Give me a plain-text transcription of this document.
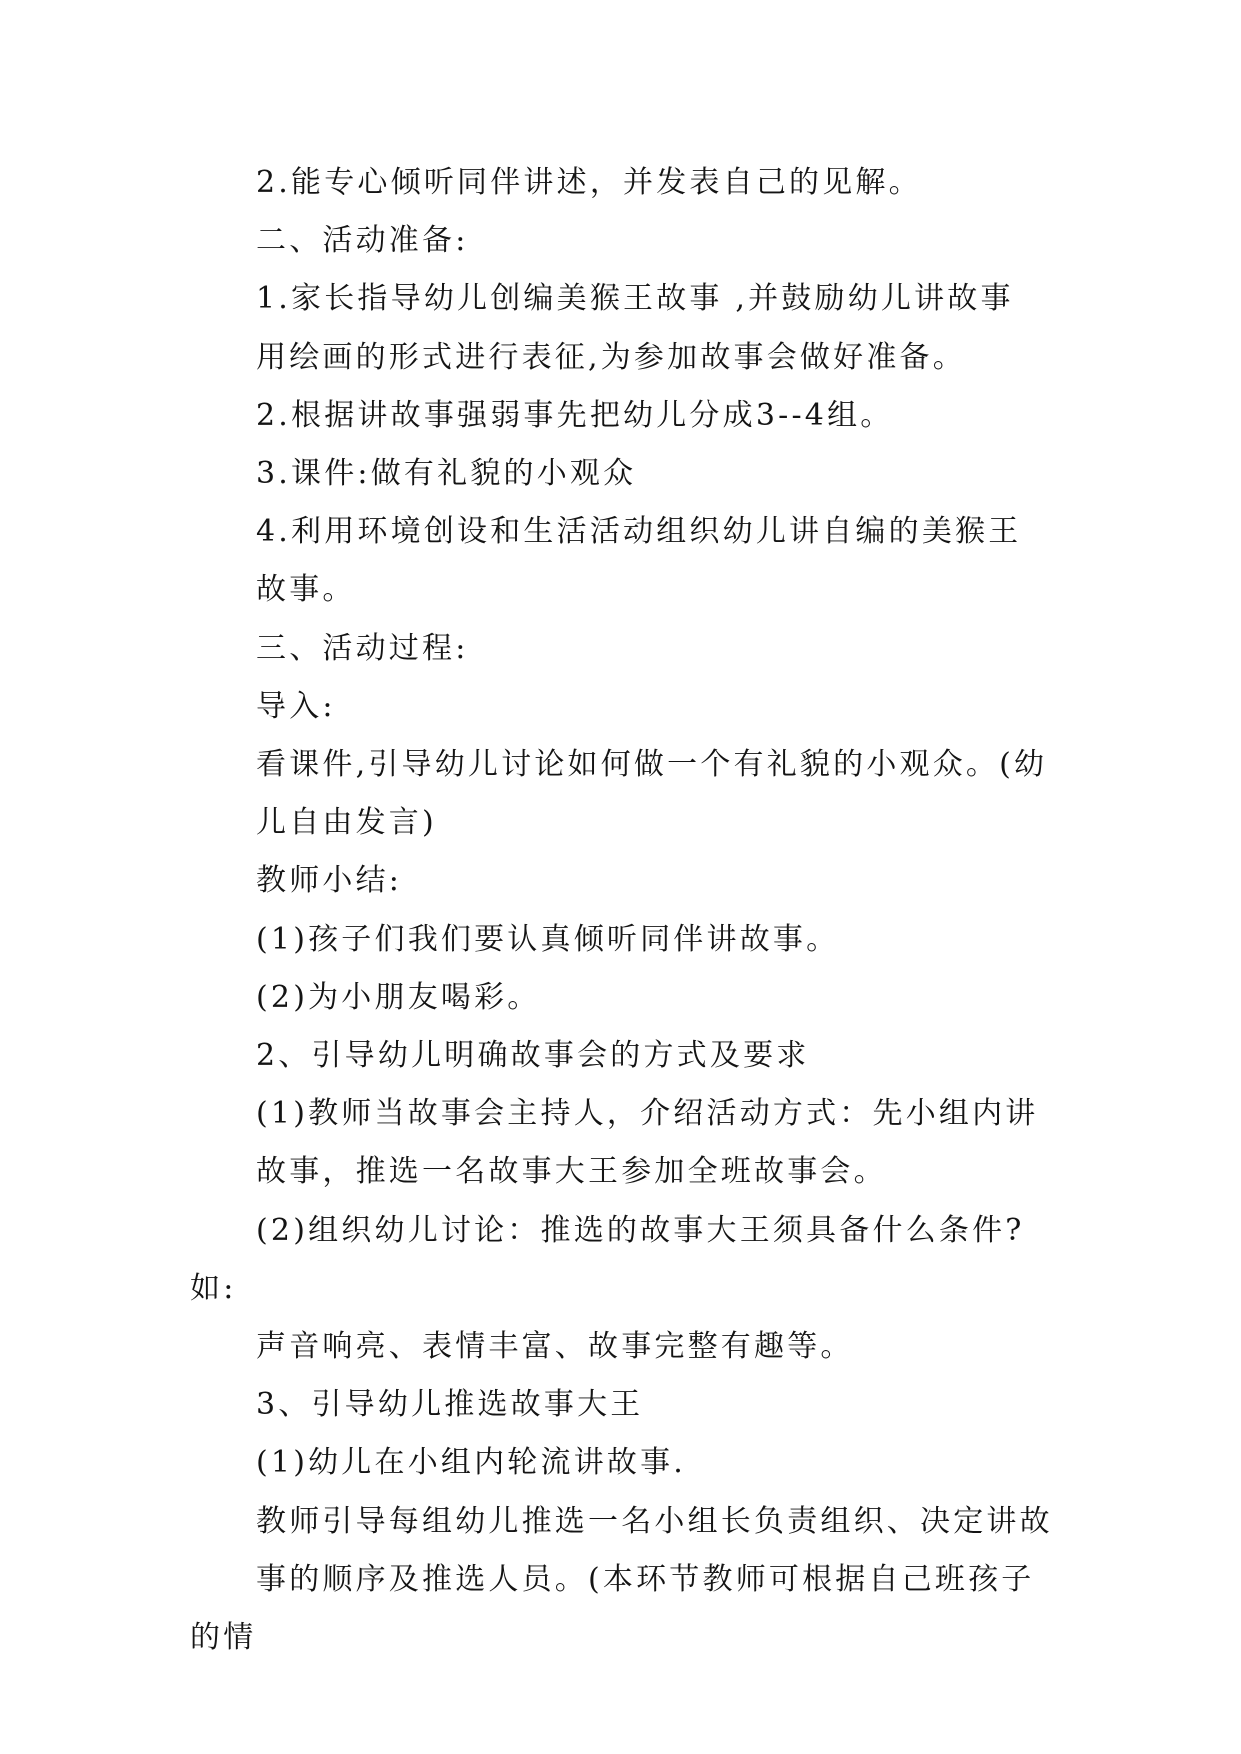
2.能专心倾听同伴讲述，并发表自己的见解。

二、活动准备:

1.家长指导幼儿创编美猴王故事 ,并鼓励幼儿讲故事
用绘画的形式进行表征,为参加故事会做好准备。

2.根据讲故事强弱事先把幼儿分成3--4组。

3.课件:做有礼貌的小观众

4.利用环境创设和生活活动组织幼儿讲自编的美猴王
故事。

三、活动过程:

导入:

看课件,引导幼儿讨论如何做一个有礼貌的小观众。(幼
儿自由发言)

教师小结:

(1)孩子们我们要认真倾听同伴讲故事。

(2)为小朋友喝彩。

2、引导幼儿明确故事会的方式及要求

(1)教师当故事会主持人，介绍活动方式：先小组内讲
故事，推选一名故事大王参加全班故事会。

(2)组织幼儿讨论：推选的故事大王须具备什么条件?如:
声音响亮、表情丰富、故事完整有趣等。

3、引导幼儿推选故事大王

(1)幼儿在小组内轮流讲故事.

教师引导每组幼儿推选一名小组长负责组织、决定讲故
事的顺序及推选人员。(本环节教师可根据自己班孩子的情
